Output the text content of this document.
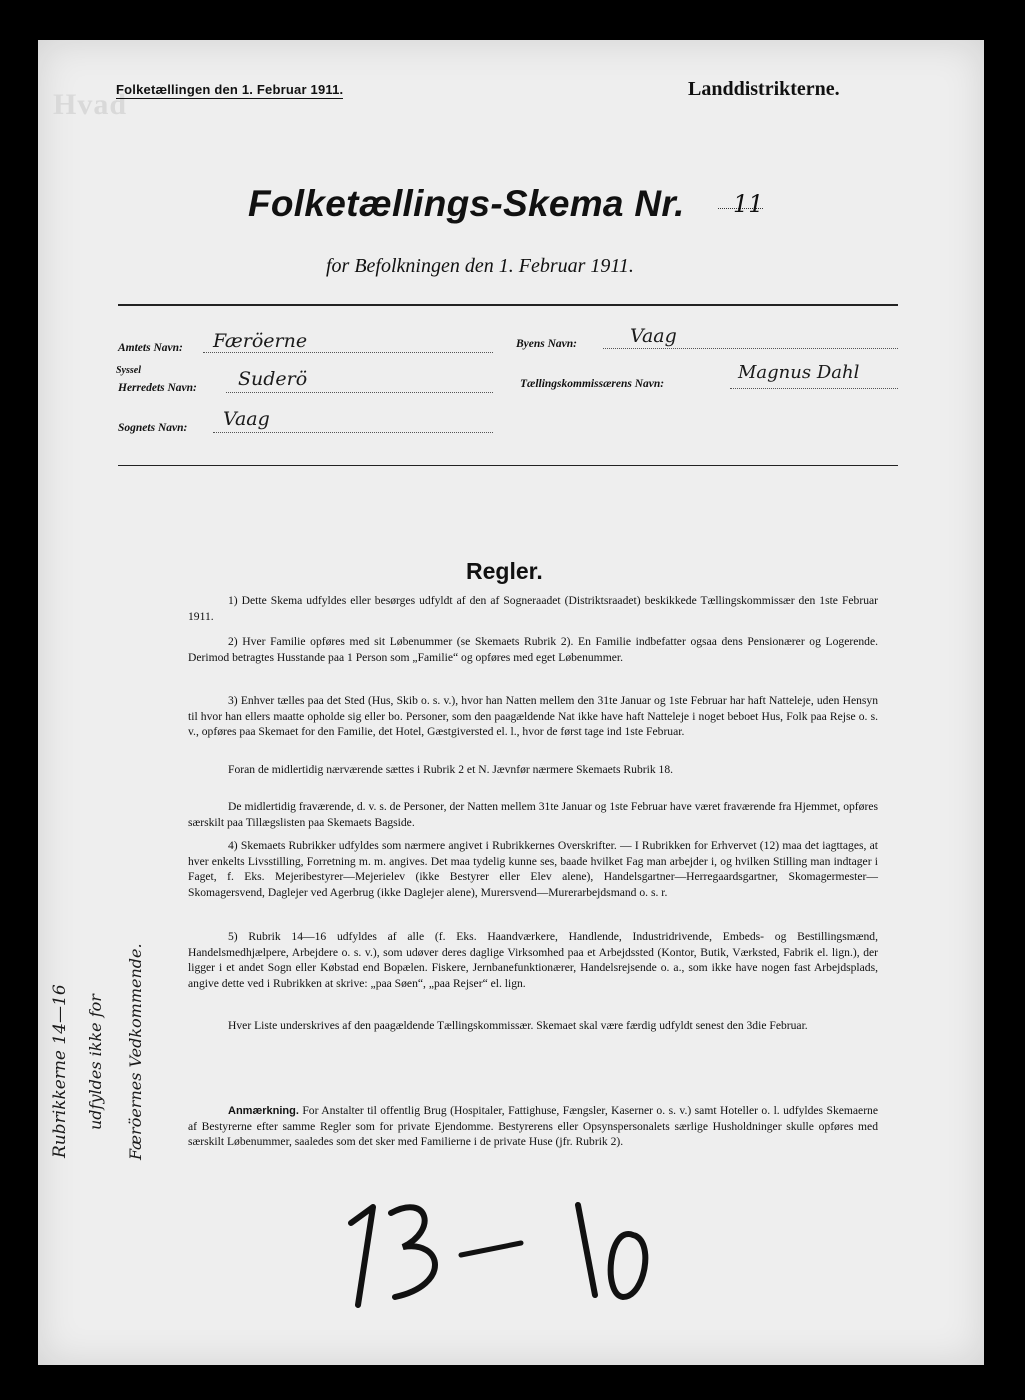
Hvad
Folketællingen den 1. Februar 1911.	Landdistrikterne.
Folketællings-Skema Nr. 11
for Befolkningen den 1. Februar 1911.
Amtets Navn: Færöerne	Byens Navn:	Vaag
Syssel
Herredets Navn: Suderö	Tællingskommissærens Navn:
Magnus Dahl
Sognets Navn: Vaag
Regler.
1) Dette Skema udfyldes eller besørges udfyldt af den af Sogneraadet (Distriktsraadet) beskikkede Tællingskommissær den 1ste Februar 1911.
2) Hver Familie opføres med sit Løbenummer (se Skemaets Rubrik 2). En Familie indbefatter ogsaa dens Pensionærer og Logerende. Derimod betragtes Husstande paa 1 Person som „Familie“ og opføres med eget Løbenummer.
3) Enhver tælles paa det Sted (Hus, Skib o. s. v.), hvor han Natten mellem den 31te Januar og 1ste Februar har haft Natteleje, uden Hensyn til hvor han ellers maatte opholde sig eller bo. Personer, som den paagældende Nat ikke have haft Natteleje i noget beboet Hus, Folk paa Rejse o. s. v., opføres paa Skemaet for den Familie, det Hotel, Gæstgiversted el. l., hvor de først tage ind 1ste Februar.
Foran de midlertidig nærværende sættes i Rubrik 2 et N. Jævnfør nærmere Skemaets Rubrik 18.
De midlertidig fraværende, d. v. s. de Personer, der Natten mellem 31te Januar og 1ste Februar have været fraværende fra Hjemmet, opføres særskilt paa Tillægslisten paa Skemaets Bagside.
4) Skemaets Rubrikker udfyldes som nærmere angivet i Rubrikkernes Overskrifter. — I Rubrikken for Erhvervet (12) maa det iagttages, at hver enkelts Livsstilling, Forretning m. m. angives. Det maa tydelig kunne ses, baade hvilket Fag man arbejder i, og hvilken Stilling man indtager i Faget, f. Eks. Mejeribestyrer—Mejerielev (ikke Bestyrer eller Elev alene), Handelsgartner—Herregaardsgartner, Skomagermester—Skomagersvend, Daglejer ved Agerbrug (ikke Daglejer alene), Murersvend—Murerarbejdsmand o. s. r.
5) Rubrik 14—16 udfyldes af alle (f. Eks. Haandværkere, Handlende, Industridrivende, Embeds- og Bestillingsmænd, Handelsmedhjælpere, Arbejdere o. s. v.), som udøver deres daglige Virksomhed paa et Arbejdssted (Kontor, Butik, Værksted, Fabrik el. lign.), der ligger i et andet Sogn eller Købstad end Bopælen. Fiskere, Jernbanefunktionærer, Handelsrejsende o. a., som ikke have nogen fast Arbejdsplads, angive dette ved i Rubrikken at skrive: „paa Søen“, „paa Rejser“ el. lign.
Hver Liste underskrives af den paagældende Tællingskommissær. Skemaet skal være færdig udfyldt senest den 3die Februar.
Anmærkning. For Anstalter til offentlig Brug (Hospitaler, Fattighuse, Fængsler, Kaserner o. s. v.) samt Hoteller o. l. udfyldes Skemaerne af Bestyrerne efter samme Regler som for private Ejendomme. Bestyrerens eller Opsynspersonalets særlige Husholdninger skulle opføres med særskilt Løbenummer, saaledes som det sker med Familierne i de private Huse (jfr. Rubrik 2).
Rubrikkerne 14—16 udfyldes ikke for Færöernes Vedkommende.
